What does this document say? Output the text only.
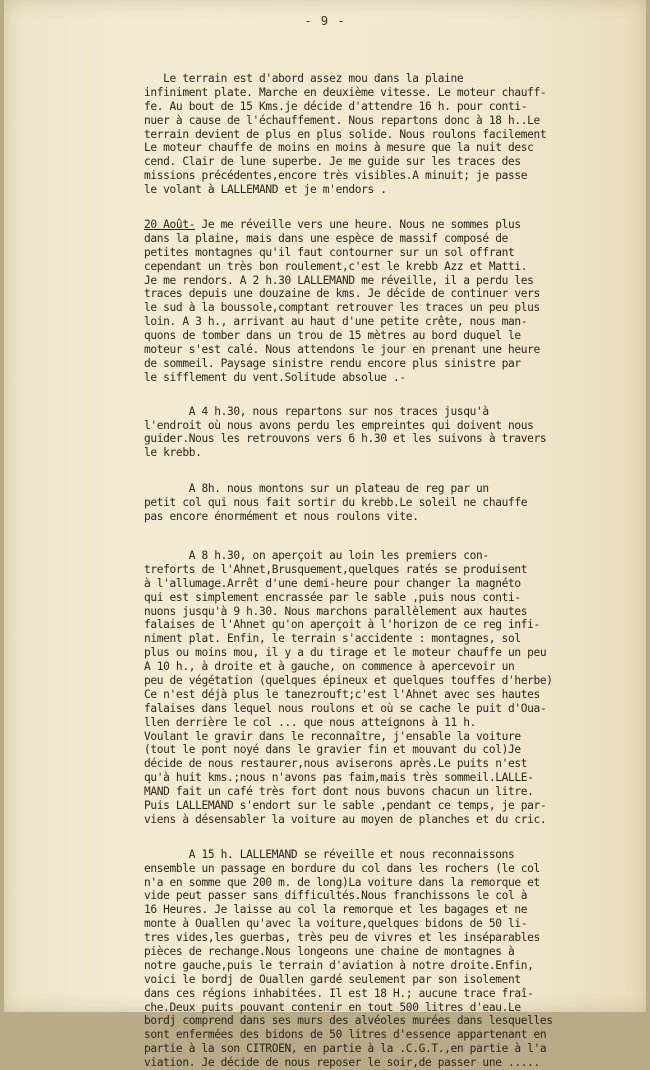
- 9 -
Le terrain est d'abord assez mou dans la plaine
infiniment plate. Marche en deuxième vitesse. Le moteur chauff-
fe. Au bout de 15 Kms.je décide d'attendre 16 h. pour conti-
nuer à cause de l'échauffement. Nous repartons donc à 18 h..Le
terrain devient de plus en plus solide. Nous roulons facilement
Le moteur chauffe de moins en moins à mesure que la nuit desc
cend. Clair de lune superbe. Je me guide sur les traces des
missions précédentes,encore très visibles.A minuit; je passe
le volant à LALLEMAND et je m'endors .
20 Août- Je me réveille vers une heure. Nous ne sommes plus
dans la plaine, mais dans une espèce de massif composé de
petites montagnes qu'il faut contourner sur un sol offrant
cependant un très bon roulement,c'est le krebb Azz et Matti.
Je me rendors. A 2 h.30 LALLEMAND me réveille, il a perdu les
traces depuis une douzaine de kms. Je décide de continuer vers
le sud à la boussole,comptant retrouver les traces un peu plus
loin. A 3 h., arrivant au haut d'une petite crête, nous man-
quons de tomber dans un trou de 15 mètres au bord duquel le
moteur s'est calé. Nous attendons le jour en prenant une heure
de sommeil. Paysage sinistre rendu encore plus sinistre par
le sifflement du vent.Solitude absolue .-
A 4 h.30, nous repartons sur nos traces jusqu'à
l'endroit où nous avons perdu les empreintes qui doivent nous
guider.Nous les retrouvons vers 6 h.30 et les suivons à travers
le krebb.
A 8h. nous montons sur un plateau de reg par un
petit col qui nous fait sortir du krebb.Le soleil ne chauffe
pas encore énormément et nous roulons vite.
A 8 h.30, on aperçoit au loin les premiers con-
treforts de l'Ahnet,Brusquement,quelques ratés se produisent
à l'allumage.Arrêt d'une demi-heure pour changer la magnéto
qui est simplement encrassée par le sable ,puis nous conti-
nuons jusqu'à 9 h.30. Nous marchons parallèlement aux hautes
falaises de l'Ahnet qu'on aperçoit à l'horizon de ce reg infi-
niment plat. Enfin, le terrain s'accidente : montagnes, sol
plus ou moins mou, il y a du tirage et le moteur chauffe un peu
A 10 h., à droite et à gauche, on commence à apercevoir un
peu de végétation (quelques épineux et quelques touffes d'herbe)
Ce n'est déjà plus le tanezrouft;c'est l'Ahnet avec ses hautes
falaises dans lequel nous roulons et où se cache le puit d'Oua-
llen derrière le col ... que nous atteignons à 11 h.
Voulant le gravir dans le reconnaître, j'ensable la voiture
(tout le pont noyé dans le gravier fin et mouvant du col)Je
décide de nous restaurer,nous aviserons après.Le puits n'est
qu'à huit kms.;nous n'avons pas faim,mais très sommeil.LALLE-
MAND fait un café très fort dont nous buvons chacun un litre.
Puis LALLEMAND s'endort sur le sable ,pendant ce temps, je par-
viens à désensabler la voiture au moyen de planches et du cric.
A 15 h. LALLEMAND se réveille et nous reconnaissons
ensemble un passage en bordure du col dans les rochers (le col
n'a en somme que 200 m. de long)La voiture dans la remorque et
vide peut passer sans difficultés.Nous franchissons le col à
16 Heures. Je laisse au col la remorque et les bagages et ne
monte à Ouallen qu'avec la voiture,quelques bidons de 50 li-
tres vides,les guerbas, très peu de vivres et les inséparables
pièces de rechange.Nous longeons une chaine de montagnes à
notre gauche,puis le terrain d'aviation à notre droite.Enfin,
voici le bordj de Ouallen gardé seulement par son isolement
dans ces régions inhabitées. Il est 18 H.; aucune trace fraî-
che.Deux puits pouvant contenir en tout 500 litres d'eau.Le
bordj comprend dans ses murs des alvéoles murées dans lesquelles
sont enfermées des bidons de 50 litres d'essence appartenant en
partie à la son CITROEN, en partie à la .C.G.T.,en partie à l'a
viation. Je décide de nous reposer le soir,de passer une .....
